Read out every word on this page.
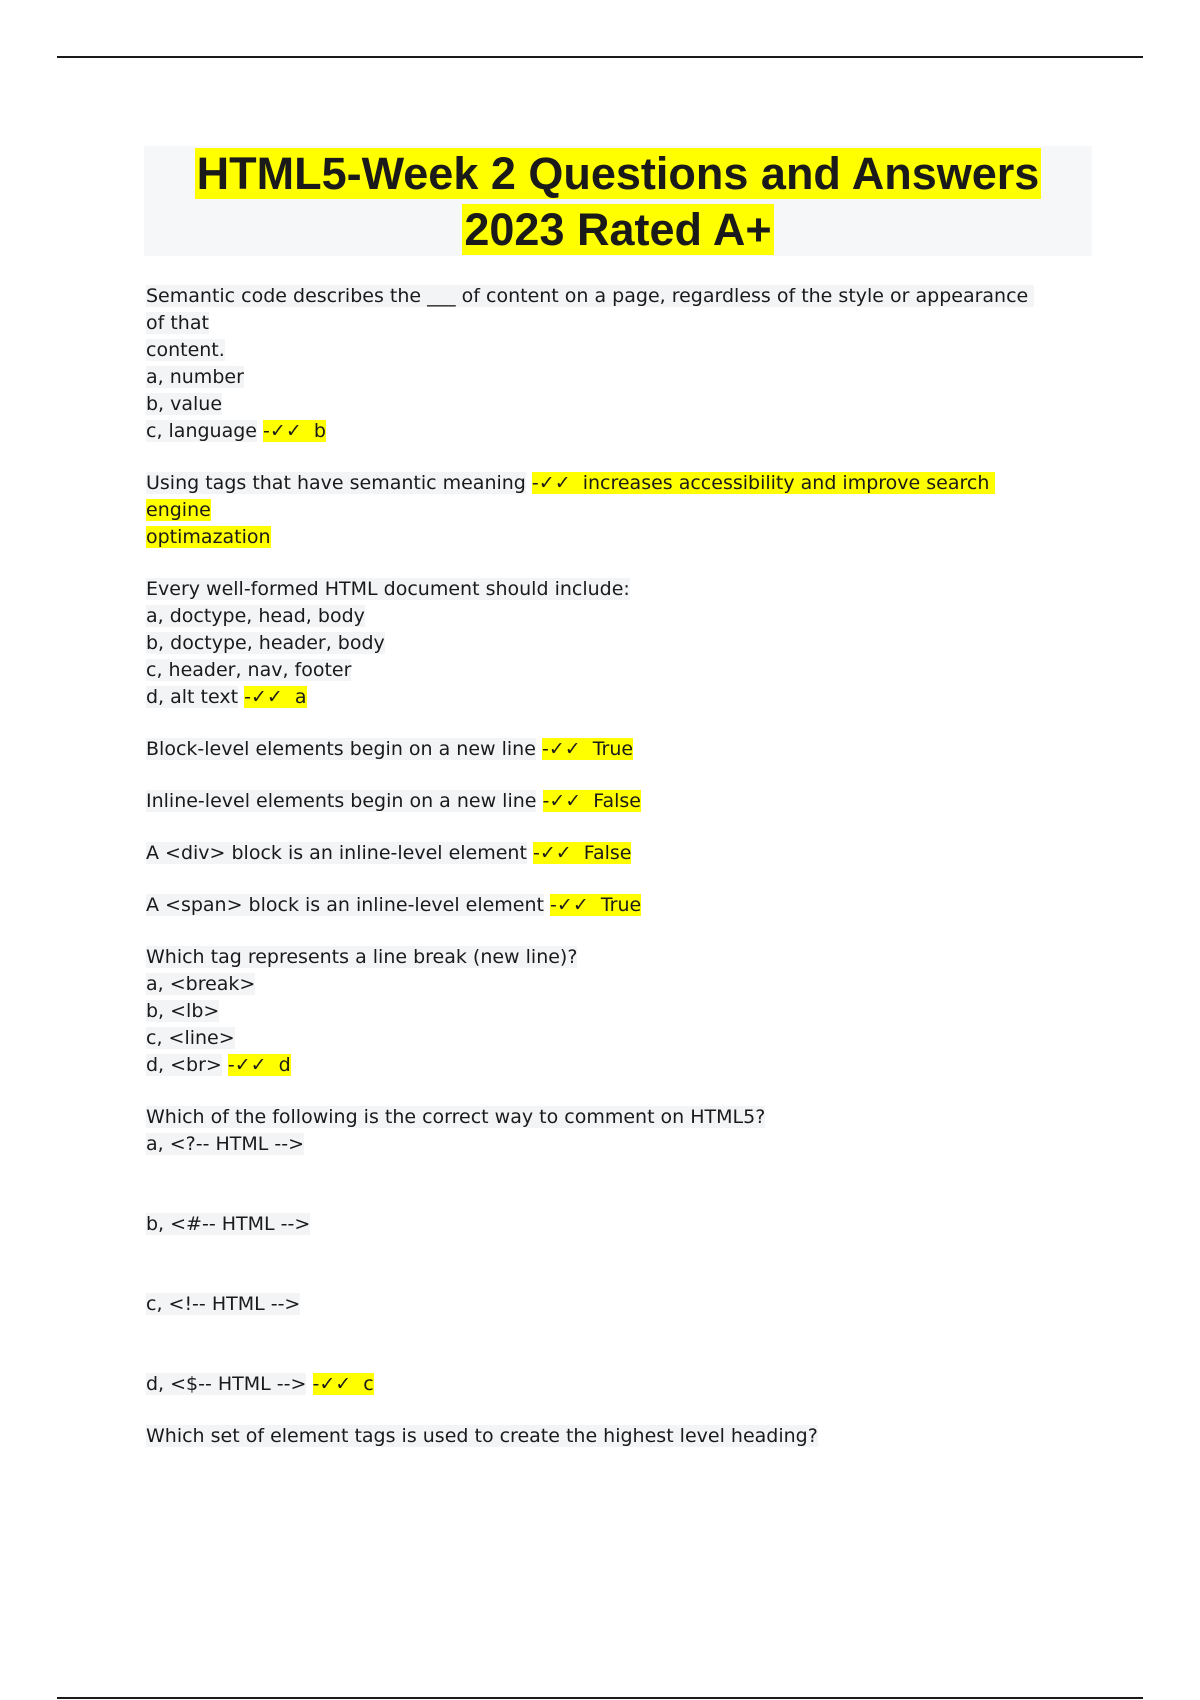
HTML5-Week 2 Questions and Answers
2023 Rated A+
Semantic code describes the ___ of content on a page, regardless of the style or appearance of that
content.
a, number
b, value
c, language -✓✓  b
Using tags that have semantic meaning -✓✓  increases accessibility and improve search engine
optimazation
Every well-formed HTML document should include:
a, doctype, head, body
b, doctype, header, body
c, header, nav, footer
d, alt text -✓✓  a
Block-level elements begin on a new line -✓✓  True
Inline-level elements begin on a new line -✓✓  False
A <div> block is an inline-level element -✓✓  False
A <span> block is an inline-level element -✓✓  True
Which tag represents a line break (new line)?
a, <break>
b, <lb>
c, <line>
d, <br> -✓✓  d
Which of the following is the correct way to comment on HTML5?
a, <?-- HTML -->
b, <#-- HTML -->
c, <!-- HTML -->
d, <$-- HTML --> -✓✓  c
Which set of element tags is used to create the highest level heading?
